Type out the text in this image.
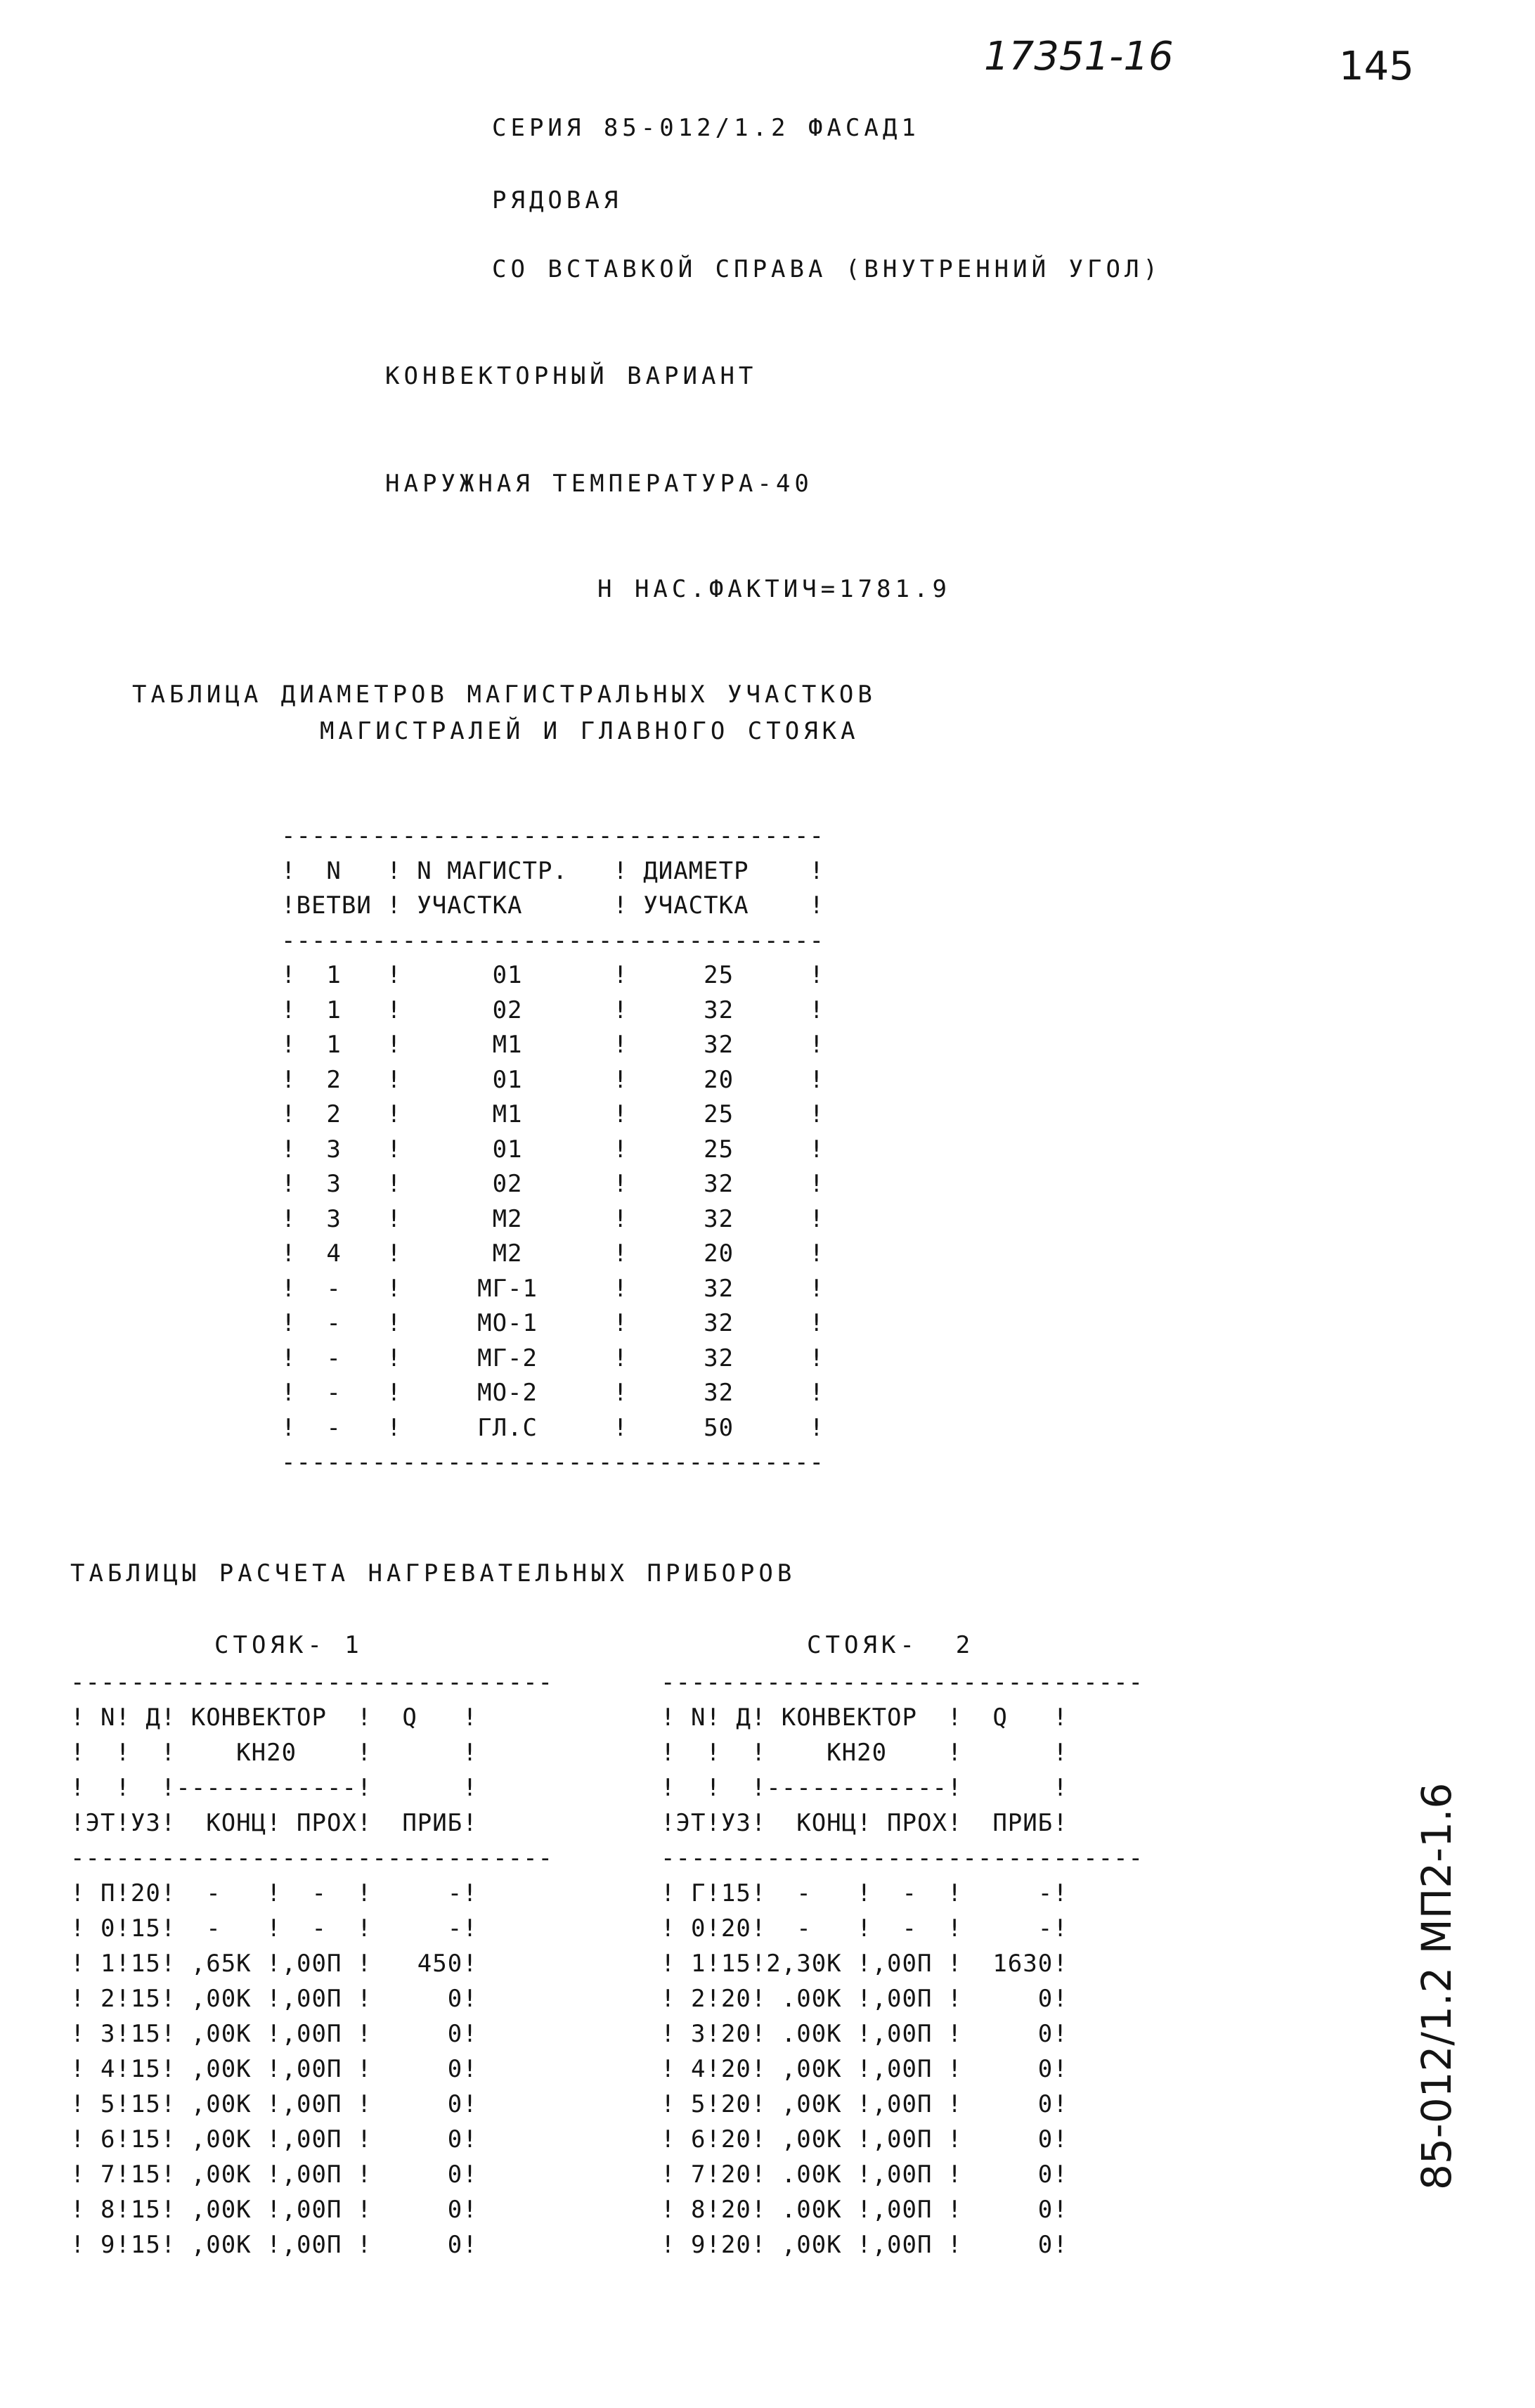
17351-16	145
85-012/1.2 МП2-1.6
СЕРИЯ 85-012/1.2 ФАСАД1
РЯДОВАЯ
СО ВСТАВКОЙ СПРАВА (ВНУТРЕННИЙ УГОЛ)
КОНВЕКТОРНЫЙ ВАРИАНТ
НАРУЖНАЯ ТЕМПЕРАТУРА-40
Н НАС.ФАКТИЧ=1781.9
ТАБЛИЦА ДИАМЕТРОВ МАГИСТРАЛЬНЫХ УЧАСТКОВ
МАГИСТРАЛЕЙ И ГЛАВНОГО СТОЯКА
------------------------------------
!  N   ! N МАГИСТР.   ! ДИАМЕТР    !
!ВЕТВИ ! УЧАСТКА      ! УЧАСТКА    !
------------------------------------
!  1   !      01      !     25     !
!  1   !      02      !     32     !
!  1   !      М1      !     32     !
!  2   !      01      !     20     !
!  2   !      М1      !     25     !
!  3   !      01      !     25     !
!  3   !      02      !     32     !
!  3   !      М2      !     32     !
!  4   !      М2      !     20     !
!  -   !     МГ-1     !     32     !
!  -   !     МО-1     !     32     !
!  -   !     МГ-2     !     32     !
!  -   !     МО-2     !     32     !
!  -   !     ГЛ.С     !     50     !
------------------------------------
ТАБЛИЦЫ РАСЧЕТА НАГРЕВАТЕЛЬНЫХ ПРИБОРОВ
СТОЯК- 1	СТОЯК-  2
--------------------------------
! N! Д! КОНВЕКТОР  !  Q   !
!  !  !    КН20    !      !
!  !  !------------!      !
!ЭТ!УЗ!  КОНЦ! ПРОХ!  ПРИБ!
--------------------------------
! П!20!  -   !  -  !     -!
! 0!15!  -   !  -  !     -!
! 1!15! ,65К !,00П !   450!
! 2!15! ,00К !,00П !     0!
! 3!15! ,00К !,00П !     0!
! 4!15! ,00К !,00П !     0!
! 5!15! ,00К !,00П !     0!
! 6!15! ,00К !,00П !     0!
! 7!15! ,00К !,00П !     0!
! 8!15! ,00К !,00П !     0!
! 9!15! ,00К !,00П !     0!

--------------------------------
! N! Д! КОНВЕКТОР  !  Q   !
!  !  !    КН20    !      !
!  !  !------------!      !
!ЭТ!УЗ!  КОНЦ! ПРОХ!  ПРИБ!
--------------------------------
! Г!15!  -   !  -  !     -!
! 0!20!  -   !  -  !     -!
! 1!15!2,30К !,00П !  1630!
! 2!20! .00К !,00П !     0!
! 3!20! .00К !,00П !     0!
! 4!20! ,00К !,00П !     0!
! 5!20! ,00К !,00П !     0!
! 6!20! ,00К !,00П !     0!
! 7!20! .00К !,00П !     0!
! 8!20! .00К !,00П !     0!
! 9!20! ,00К !,00П !     0!
